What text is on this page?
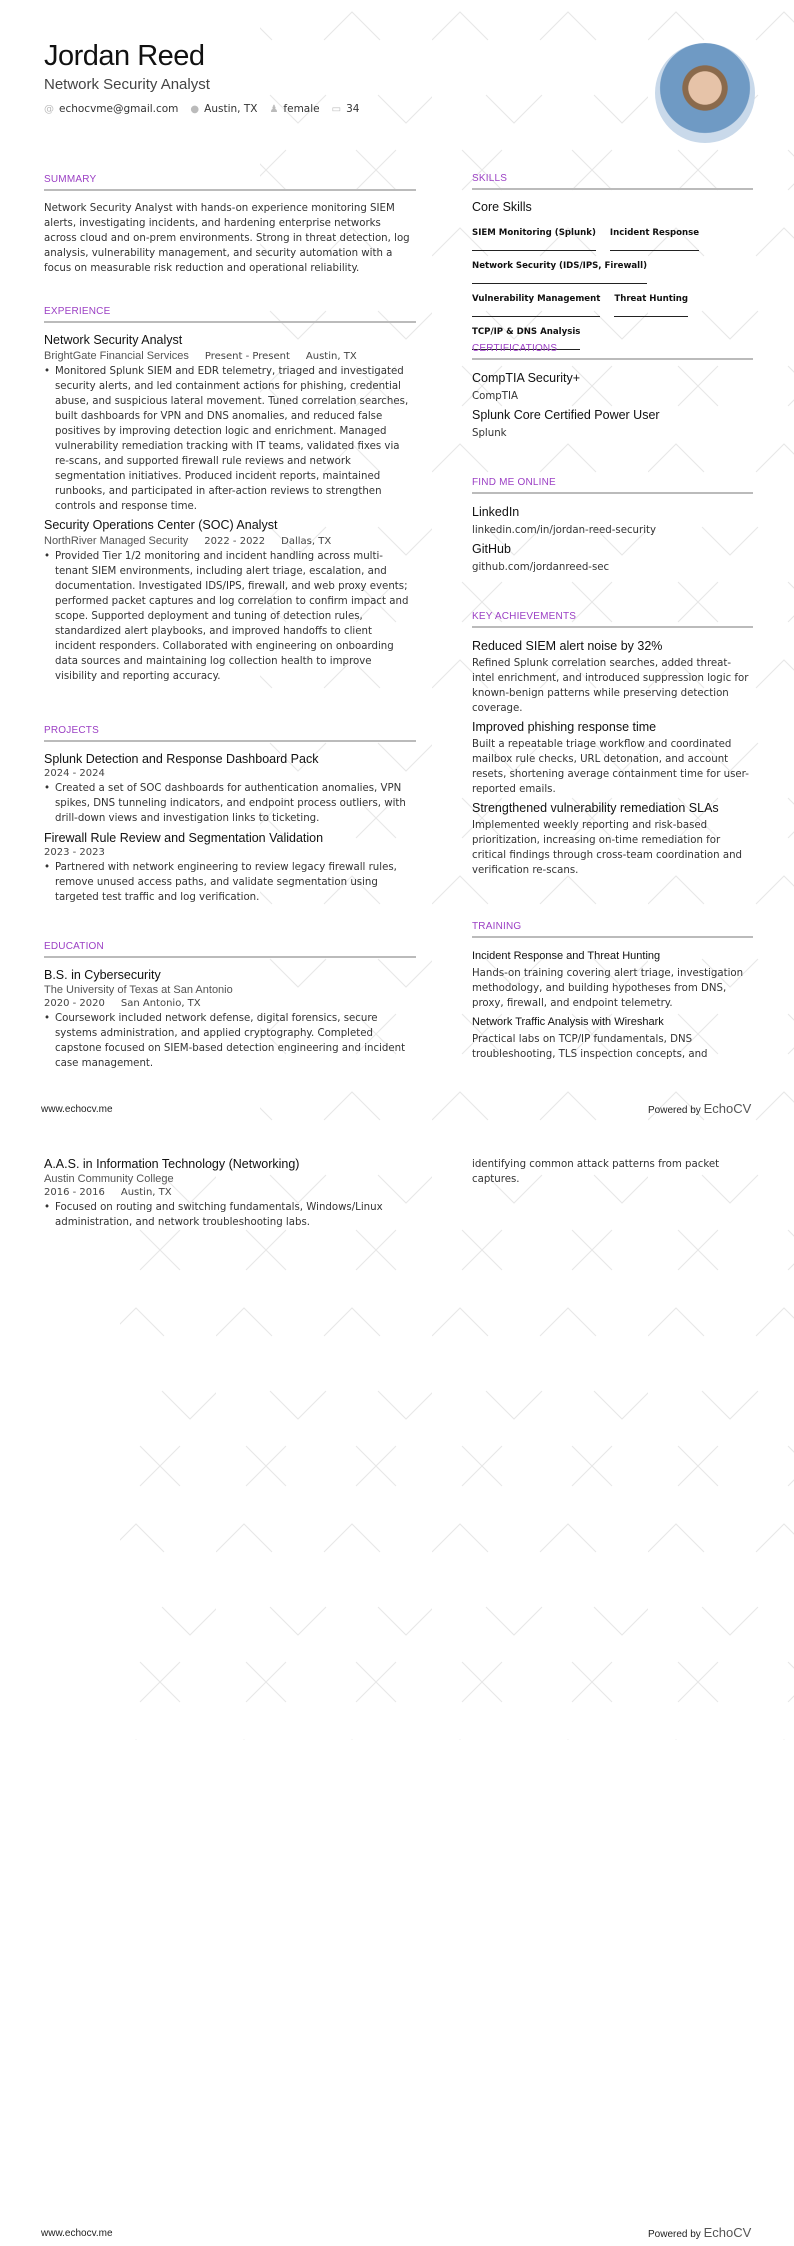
Jordan Reed
Network Security Analyst
@ echocvme@gmail.com ● Austin, TX ♟ female ▭ 34
SUMMARY
Network Security Analyst with hands-on experience monitoring SIEM alerts, investigating incidents, and hardening enterprise networks across cloud and on-prem environments. Strong in threat detection, log analysis, vulnerability management, and security automation with a focus on measurable risk reduction and operational reliability.
EXPERIENCE
Network Security Analyst
BrightGate Financial Services Present - Present Austin, TX
• Monitored Splunk SIEM and EDR telemetry, triaged and investigated security alerts, and led containment actions for phishing, credential abuse, and suspicious lateral movement. Tuned correlation searches, built dashboards for VPN and DNS anomalies, and reduced false positives by improving detection logic and enrichment. Managed vulnerability remediation tracking with IT teams, validated fixes via re-scans, and supported firewall rule reviews and network segmentation initiatives. Produced incident reports, maintained runbooks, and participated in after-action reviews to strengthen controls and response time.
Security Operations Center (SOC) Analyst
NorthRiver Managed Security 2022 - 2022 Dallas, TX
• Provided Tier 1/2 monitoring and incident handling across multi-tenant SIEM environments, including alert triage, escalation, and documentation. Investigated IDS/IPS, firewall, and web proxy events; performed packet captures and log correlation to confirm impact and scope. Supported deployment and tuning of detection rules, standardized alert playbooks, and improved handoffs to client incident responders. Collaborated with engineering on onboarding data sources and maintaining log collection health to improve visibility and reporting accuracy.
PROJECTS
Splunk Detection and Response Dashboard Pack
2024 - 2024
• Created a set of SOC dashboards for authentication anomalies, VPN spikes, DNS tunneling indicators, and endpoint process outliers, with drill-down views and investigation links to ticketing.
Firewall Rule Review and Segmentation Validation
2023 - 2023
• Partnered with network engineering to review legacy firewall rules, remove unused access paths, and validate segmentation using targeted test traffic and log verification.
EDUCATION
B.S. in Cybersecurity
The University of Texas at San Antonio
2020 - 2020 San Antonio, TX
• Coursework included network defense, digital forensics, secure systems administration, and applied cryptography. Completed capstone focused on SIEM-based detection engineering and incident case management.
SKILLS
Core Skills
SIEM Monitoring (Splunk) Incident Response
Network Security (IDS/IPS, Firewall)
Vulnerability Management Threat Hunting
TCP/IP & DNS Analysis
CERTIFICATIONS
CompTIA Security+
CompTIA
Splunk Core Certified Power User
Splunk
FIND ME ONLINE
LinkedIn
linkedin.com/in/jordan-reed-security
GitHub
github.com/jordanreed-sec
KEY ACHIEVEMENTS
Reduced SIEM alert noise by 32%
Refined Splunk correlation searches, added threat-intel enrichment, and introduced suppression logic for known-benign patterns while preserving detection coverage.
Improved phishing response time
Built a repeatable triage workflow and coordinated mailbox rule checks, URL detonation, and account resets, shortening average containment time for user-reported emails.
Strengthened vulnerability remediation SLAs
Implemented weekly reporting and risk-based prioritization, increasing on-time remediation for critical findings through cross-team coordination and verification re-scans.
TRAINING
Incident Response and Threat Hunting
Hands-on training covering alert triage, investigation methodology, and building hypotheses from DNS, proxy, firewall, and endpoint telemetry.
Network Traffic Analysis with Wireshark
Practical labs on TCP/IP fundamentals, DNS troubleshooting, TLS inspection concepts, and
www.echocv.me	Powered by EchoCV
A.A.S. in Information Technology (Networking)
Austin Community College
2016 - 2016 Austin, TX
• Focused on routing and switching fundamentals, Windows/Linux administration, and network troubleshooting labs.
identifying common attack patterns from packet captures.
www.echocv.me	Powered by EchoCV
